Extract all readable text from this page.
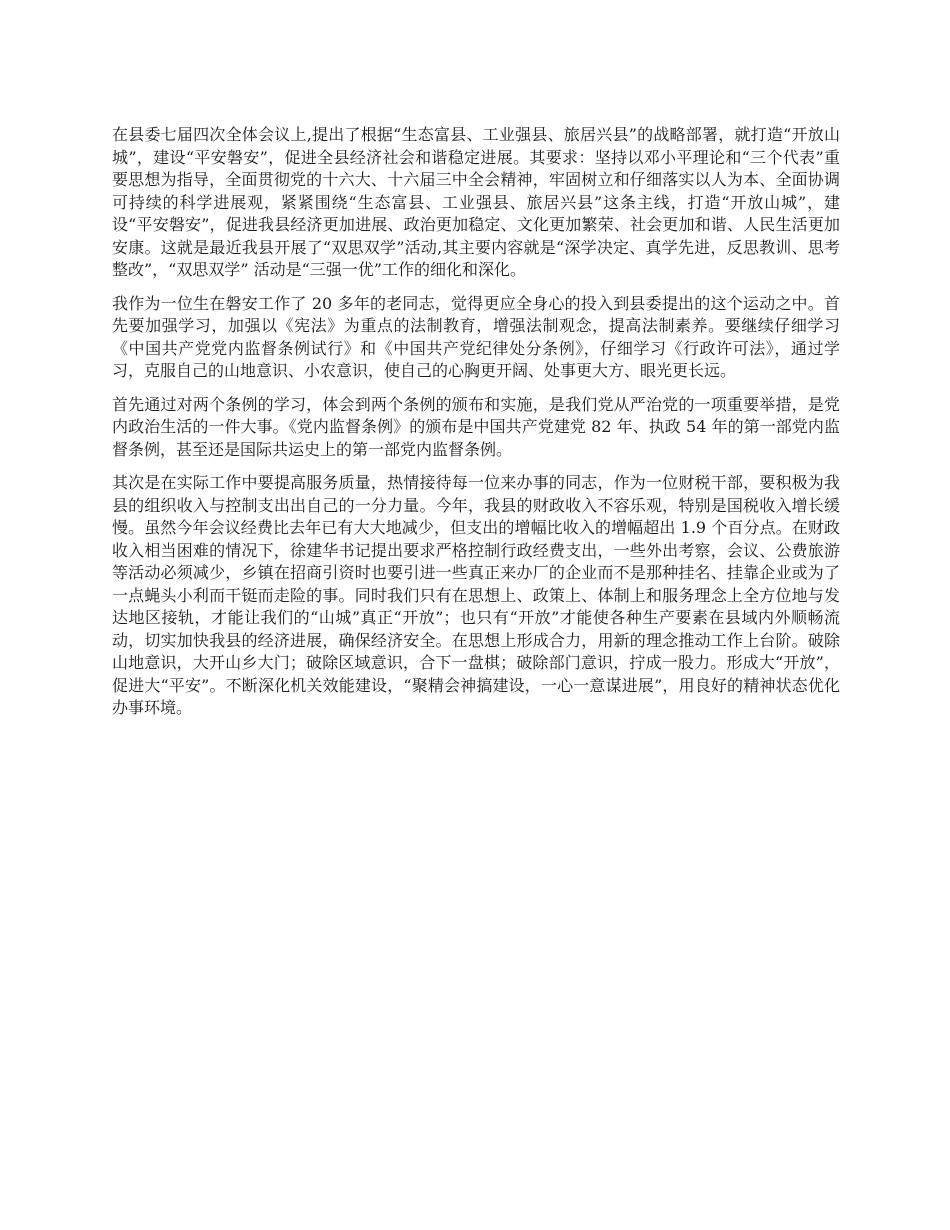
在县委七届四次全体会议上,提出了根据“生态富县、工业强县、旅居兴县”的战略部署，就打造“开放山城”，建设“平安磐安”，促进全县经济社会和谐稳定进展。其要求：坚持以邓小平理论和“三个代表”重要思想为指导，全面贯彻党的十六大、十六届三中全会精神，牢固树立和仔细落实以人为本、全面协调可持续的科学进展观，紧紧围绕“生态富县、工业强县、旅居兴县”这条主线，打造“开放山城”，建设“平安磐安”，促进我县经济更加进展、政治更加稳定、文化更加繁荣、社会更加和谐、人民生活更加安康。这就是最近我县开展了“双思双学”活动,其主要内容就是“深学决定、真学先进，反思教训、思考整改”，“双思双学” 活动是“三强一优”工作的细化和深化。

我作为一位生在磐安工作了 20 多年的老同志，觉得更应全身心的投入到县委提出的这个运动之中。首先要加强学习，加强以《宪法》为重点的法制教育，增强法制观念，提高法制素养。要继续仔细学习《中国共产党党内监督条例试行》和《中国共产党纪律处分条例》，仔细学习《行政许可法》，通过学习，克服自己的山地意识、小农意识，使自己的心胸更开阔、处事更大方、眼光更长远。

首先通过对两个条例的学习，体会到两个条例的颁布和实施，是我们党从严治党的一项重要举措，是党内政治生活的一件大事。《党内监督条例》的颁布是中国共产党建党 82 年、执政 54 年的第一部党内监督条例，甚至还是国际共运史上的第一部党内监督条例。

其次是在实际工作中要提高服务质量，热情接待每一位来办事的同志，作为一位财税干部，要积极为我县的组织收入与控制支出出自己的一分力量。今年，我县的财政收入不容乐观，特别是国税收入增长缓慢。虽然今年会议经费比去年已有大大地减少，但支出的增幅比收入的增幅超出 1.9 个百分点。在财政收入相当困难的情况下，徐建华书记提出要求严格控制行政经费支出，一些外出考察，会议、公费旅游等活动必须减少，乡镇在招商引资时也要引进一些真正来办厂的企业而不是那种挂名、挂靠企业或为了一点蝇头小利而干铤而走险的事。同时我们只有在思想上、政策上、体制上和服务理念上全方位地与发达地区接轨，才能让我们的“山城”真正“开放”；也只有“开放”才能使各种生产要素在县域内外顺畅流动，切实加快我县的经济进展，确保经济安全。在思想上形成合力，用新的理念推动工作上台阶。破除山地意识，大开山乡大门；破除区域意识，合下一盘棋；破除部门意识，拧成一股力。形成大“开放”，促进大“平安”。不断深化机关效能建设，“聚精会神搞建设，一心一意谋进展”，用良好的精神状态优化办事环境。
